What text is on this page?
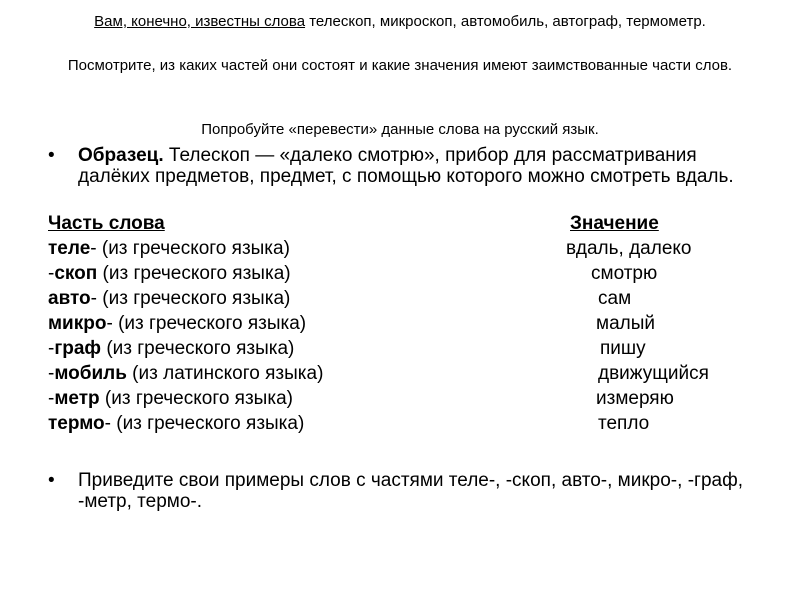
Вам, конечно, известны слова телескоп, микроскоп, автомобиль, автограф, термометр.
Посмотрите, из каких частей они состоят и какие значения имеют заимствованные части слов.
Попробуйте «перевести» данные слова на русский язык.
• Образец. Телескоп — «далеко смотрю», прибор для рассматривания далёких предметов, предмет, с помощью которого можно смотреть вдаль.
Часть слова	Значение
теле- (из греческого языка)	вдаль, далеко
-скоп (из греческого языка)	смотрю
авто- (из греческого языка)	сам
микро- (из греческого языка)	малый
-граф (из греческого языка)	пишу
-мобиль (из латинского языка)	движущийся
-метр (из греческого языка)	измеряю
термо- (из греческого языка)	тепло
• Приведите свои примеры слов с частями теле-, -скоп, авто-, микро-, -граф, -метр, термо-.
